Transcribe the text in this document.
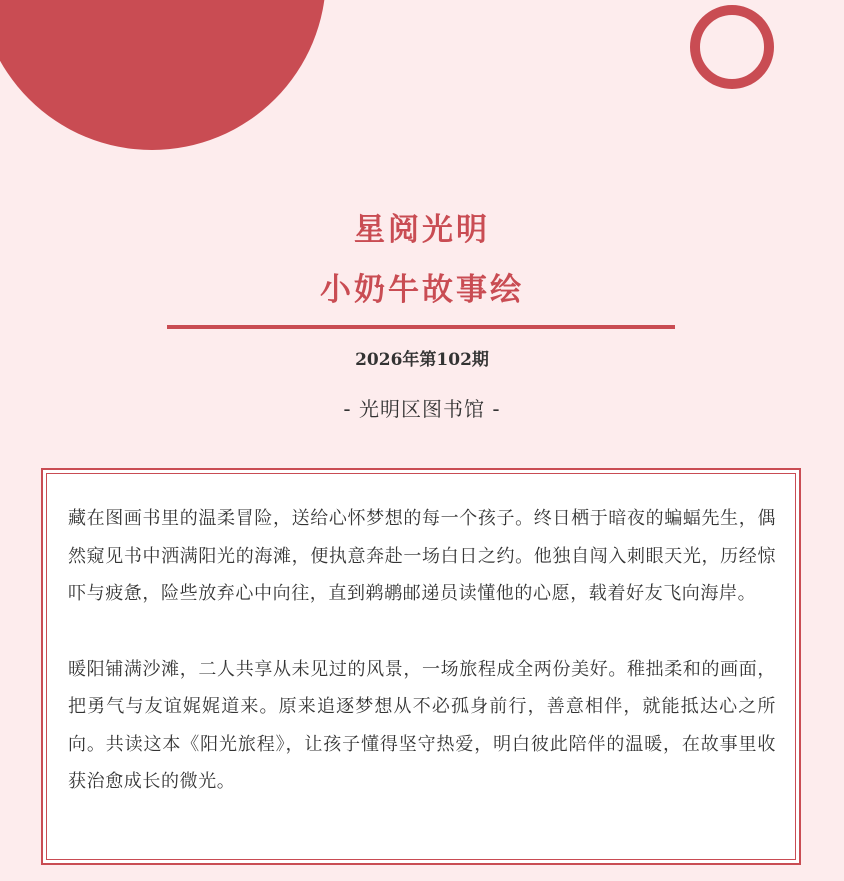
星阅光明
小奶牛故事绘
2026年第102期
- 光明区图书馆 -

藏在图画书里的温柔冒险，送给心怀梦想的每一个孩子。终日栖于暗夜的蝙蝠先生，偶然窥见书中洒满阳光的海滩，便执意奔赴一场白日之约。他独自闯入刺眼天光，历经惊吓与疲惫，险些放弃心中向往，直到鹈鹕邮递员读懂他的心愿，载着好友飞向海岸。

暖阳铺满沙滩，二人共享从未见过的风景，一场旅程成全两份美好。稚拙柔和的画面，把勇气与友谊娓娓道来。原来追逐梦想从不必孤身前行，善意相伴，就能抵达心之所向。共读这本《阳光旅程》，让孩子懂得坚守热爱，明白彼此陪伴的温暖，在故事里收获治愈成长的微光。
